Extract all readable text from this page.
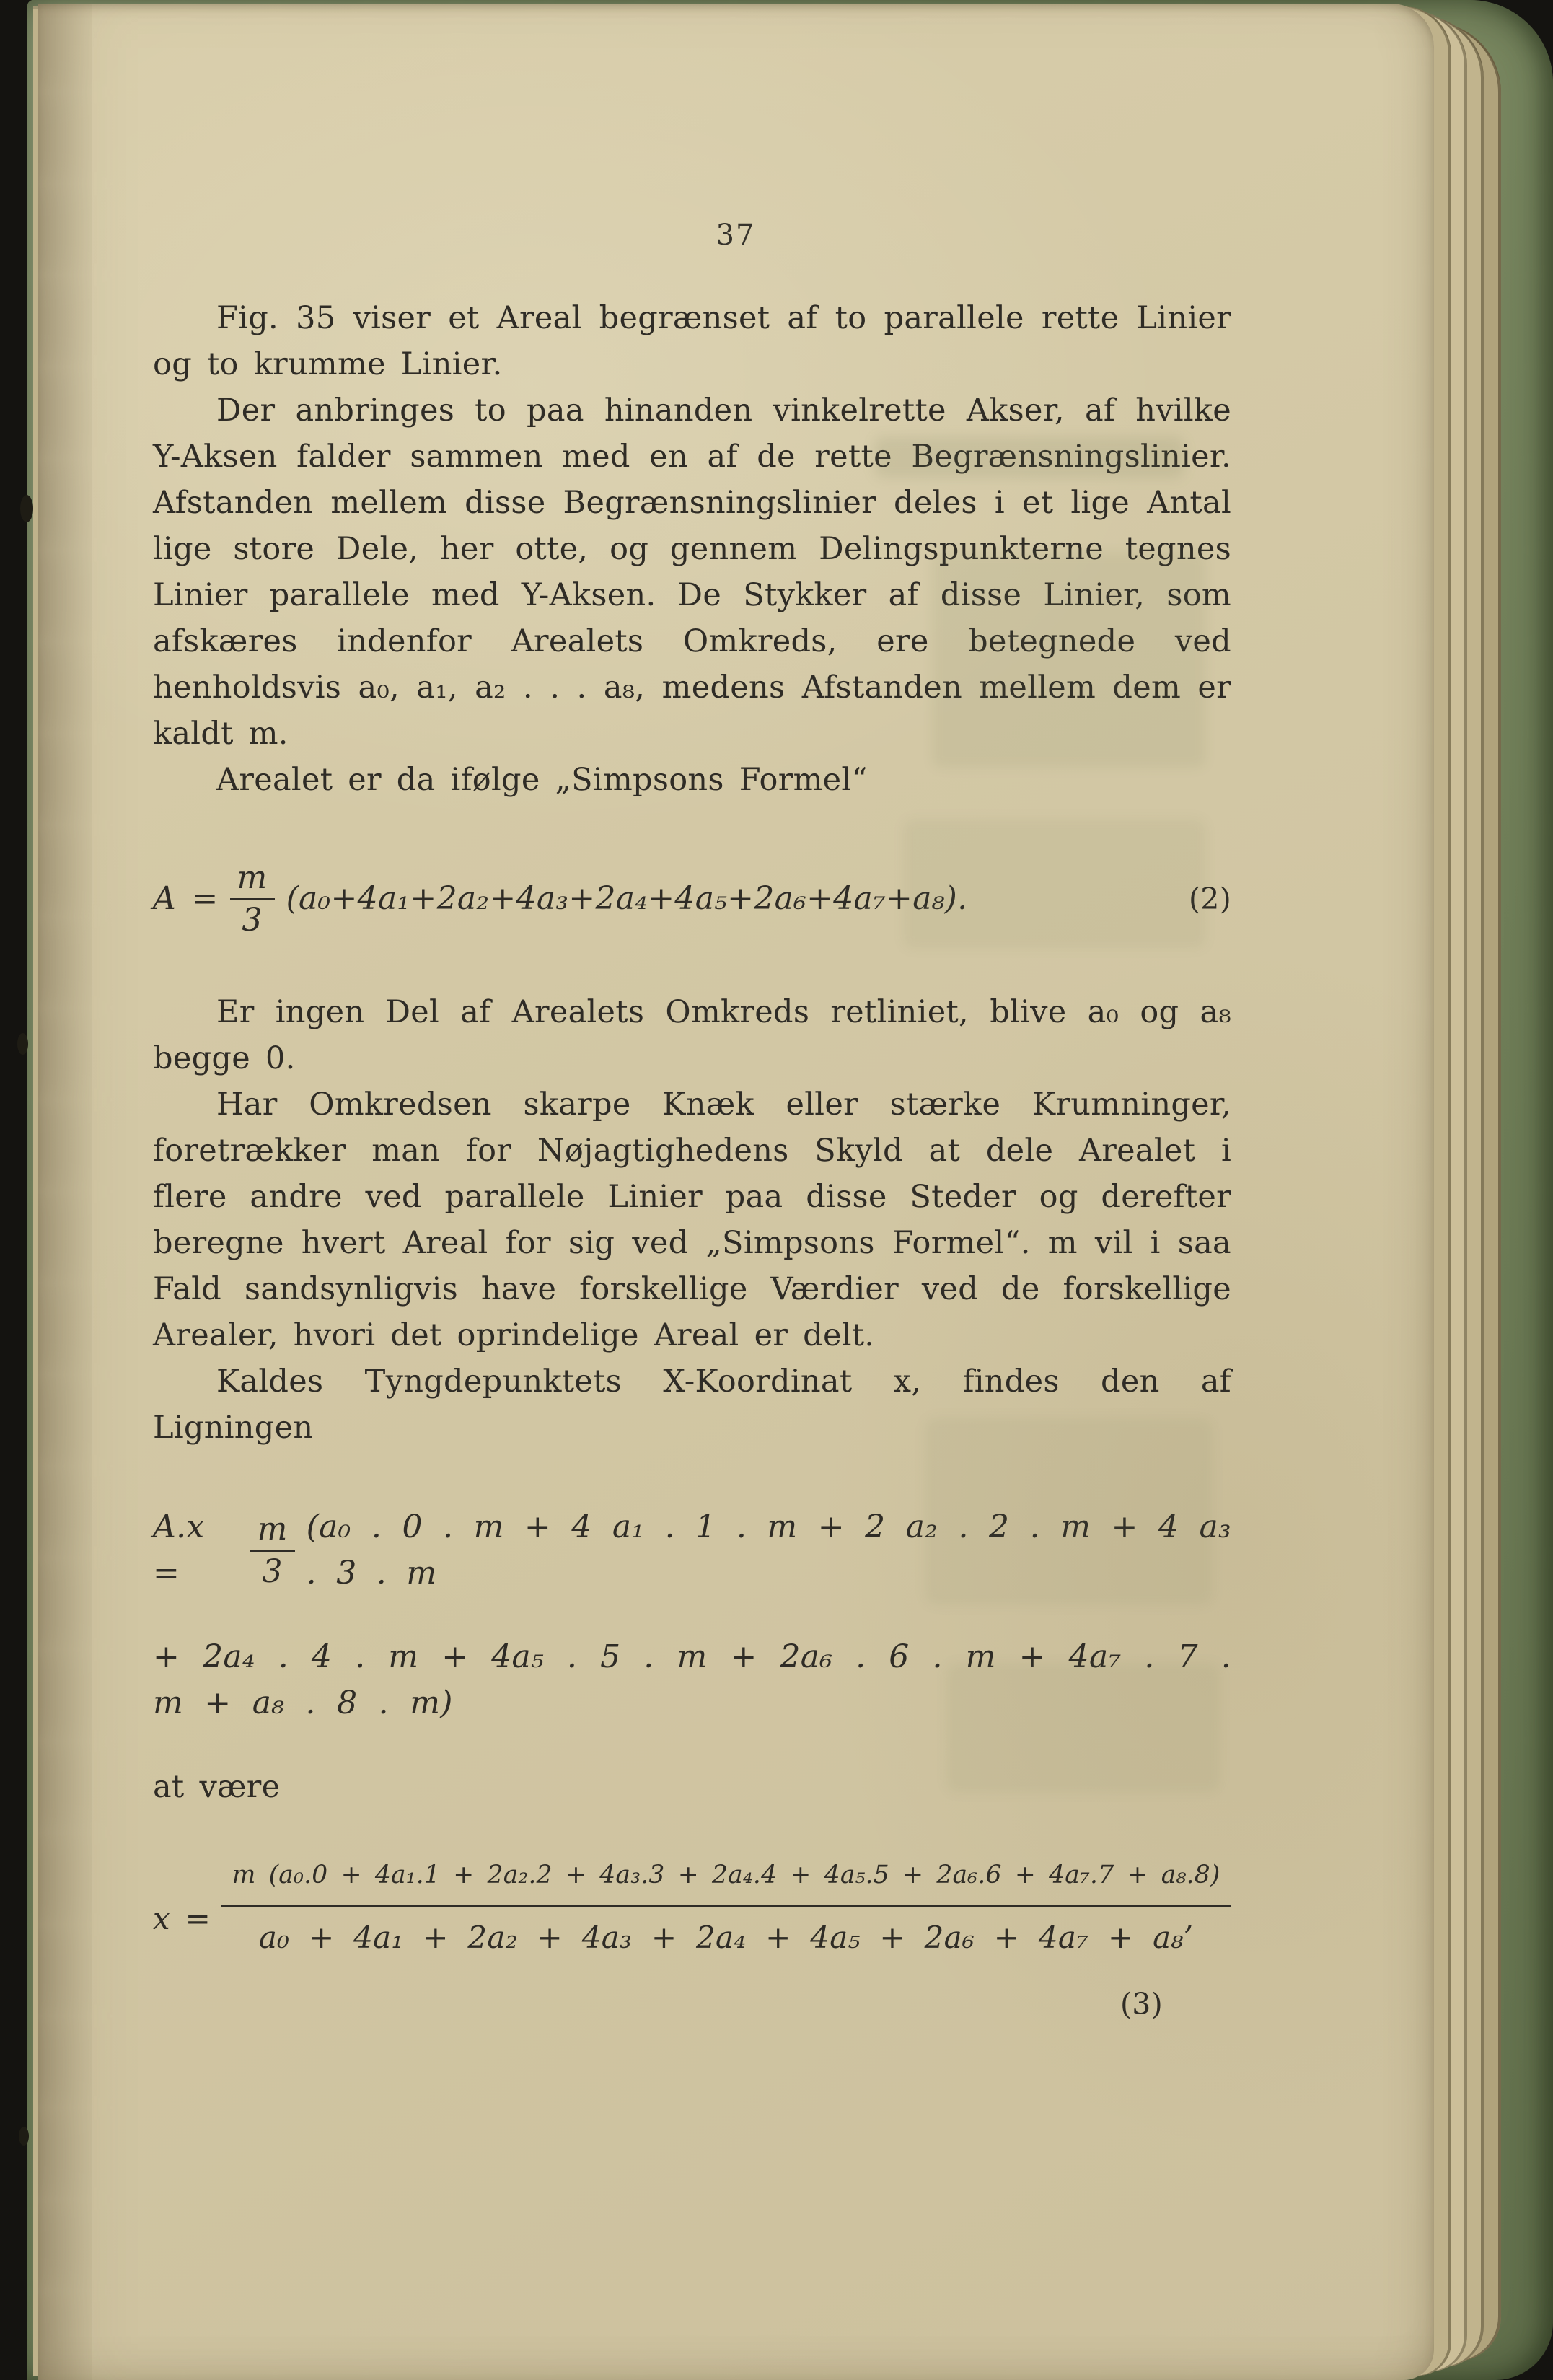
37

Fig. 35 viser et Areal begrænset af to parallele rette Linier og to krumme Linier.

Der anbringes to paa hinanden vinkelrette Akser, af hvilke Y-Aksen falder sammen med en af de rette Begrænsningslinier. Afstanden mellem disse Begrænsningslinier deles i et lige Antal lige store Dele, her otte, og gennem Delingspunkterne tegnes Linier parallele med Y-Aksen. De Stykker af disse Linier, som afskæres indenfor Arealets Omkreds, ere betegnede ved henholdsvis a₀, a₁, a₂ . . . a₈, medens Afstanden mellem dem er kaldt m.

Arealet er da ifølge „Simpsons Formel“

$A = \frac{m}{3} (a_0+4a_1+2a_2+4a_3+2a_4+4a_5+2a_6+4a_7+a_8)$.	(2)

Er ingen Del af Arealets Omkreds retliniet, blive a₀ og a₈ begge 0.

Har Omkredsen skarpe Knæk eller stærke Krumninger, foretrækker man for Nøjagtighedens Skyld at dele Arealet i flere andre ved parallele Linier paa disse Steder og derefter beregne hvert Areal for sig ved „Simpsons Formel“. m vil i saa Fald sandsynligvis have forskellige Værdier ved de forskellige Arealer, hvori det oprindelige Areal er delt.

Kaldes Tyngdepunktets X-Koordinat x, findes den af Ligningen

A.x =	$\frac{m}{3} (a_0$ . 0 . m + 4 a₁ . 1 . m + 2 a₂ . 2 . m + 4 a₃ . 3 . m
+ 2a₄ . 4 . m + 4a₅ . 5 . m + 2a₆ . 6 . m + 4a₇ . 7 . m + a₈ . 8 . m)

at være

x =
m (a₀.0 + 4a₁.1 + 2a₂.2 + 4a₃.3 + 2a₄.4 + 4a₅.5 + 2a₆.6 + 4a₇.7 + a₈.8)
a₀ + 4a₁ + 2a₂ + 4a₃ + 2a₄ + 4a₅ + 2a₆ + 4a₇ + a₈’
(3)
